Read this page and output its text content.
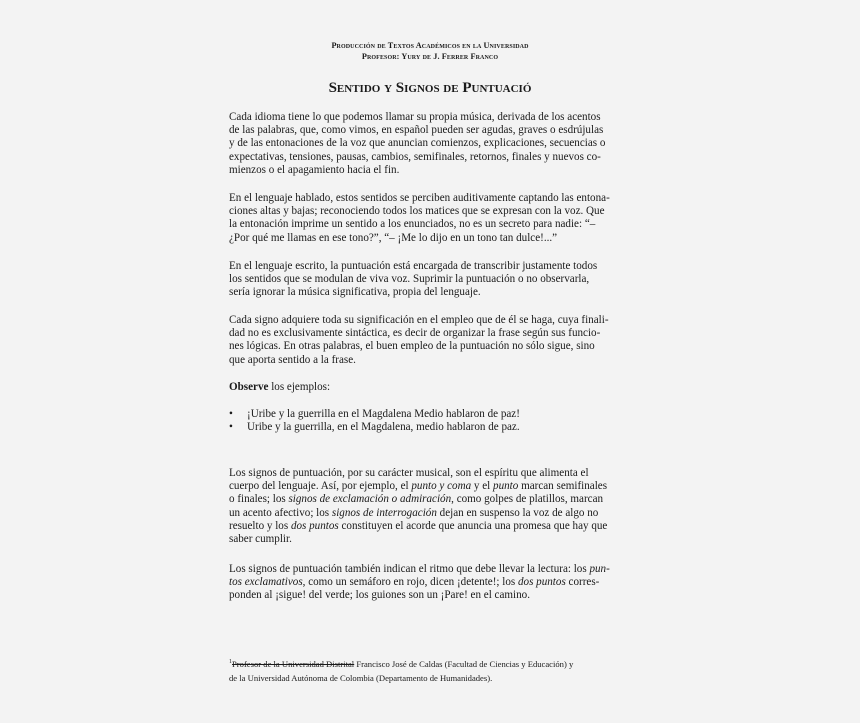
Producción de Textos Académicos en la Universidad
Profesor: Yury de J. Ferrer Franco
Sentido y Signos de Puntuació
Cada idioma tiene lo que podemos llamar su propia música, derivada de los acentos
de las palabras, que, como vimos, en español pueden ser agudas, graves o esdrújulas
y de las entonaciones de la voz que anuncian comienzos, explicaciones, secuencias o
expectativas, tensiones, pausas, cambios, semifinales, retornos, finales y nuevos co-
mienzos o el apagamiento hacia el fin.
En el lenguaje hablado, estos sentidos se perciben auditivamente captando las entona-
ciones altas y bajas; reconociendo todos los matices que se expresan con la voz. Que
la entonación imprime un sentido a los enunciados, no es un secreto para nadie: “–
¿Por qué me llamas en ese tono?”, “– ¡Me lo dijo en un tono tan dulce!...”
En el lenguaje escrito, la puntuación está encargada de transcribir justamente todos
los sentidos que se modulan de viva voz. Suprimir la puntuación o no observarla,
sería ignorar la música significativa, propia del lenguaje.
Cada signo adquiere toda su significación en el empleo que de él se haga, cuya finali-
dad no es exclusivamente sintáctica, es decir de organizar la frase según sus funcio-
nes lógicas. En otras palabras, el buen empleo de la puntuación no sólo sigue, sino
que aporta sentido a la frase.
Observe los ejemplos:
•	¡Uribe y la guerrilla en el Magdalena Medio hablaron de paz!
•	Uribe y la guerrilla, en el Magdalena, medio hablaron de paz.
Los signos de puntuación, por su carácter musical, son el espíritu que alimenta el
cuerpo del lenguaje. Así, por ejemplo, el punto y coma y el punto marcan semifinales
o finales; los signos de exclamación o admiración, como golpes de platillos, marcan
un acento afectivo; los signos de interrogación dejan en suspenso la voz de algo no
resuelto y los dos puntos constituyen el acorde que anuncia una promesa que hay que
saber cumplir.
Los signos de puntuación también indican el ritmo que debe llevar la lectura: los pun-
tos exclamativos, como un semáforo en rojo, dicen ¡detente!; los dos puntos corres-
ponden al ¡sigue! del verde; los guiones son un ¡Pare! en el camino.
$^1$Profesor de la Universidad Distrital Francisco José de Caldas (Facultad de Ciencias y Educación) y
de la Universidad Autónoma de Colombia (Departamento de Humanidades).
